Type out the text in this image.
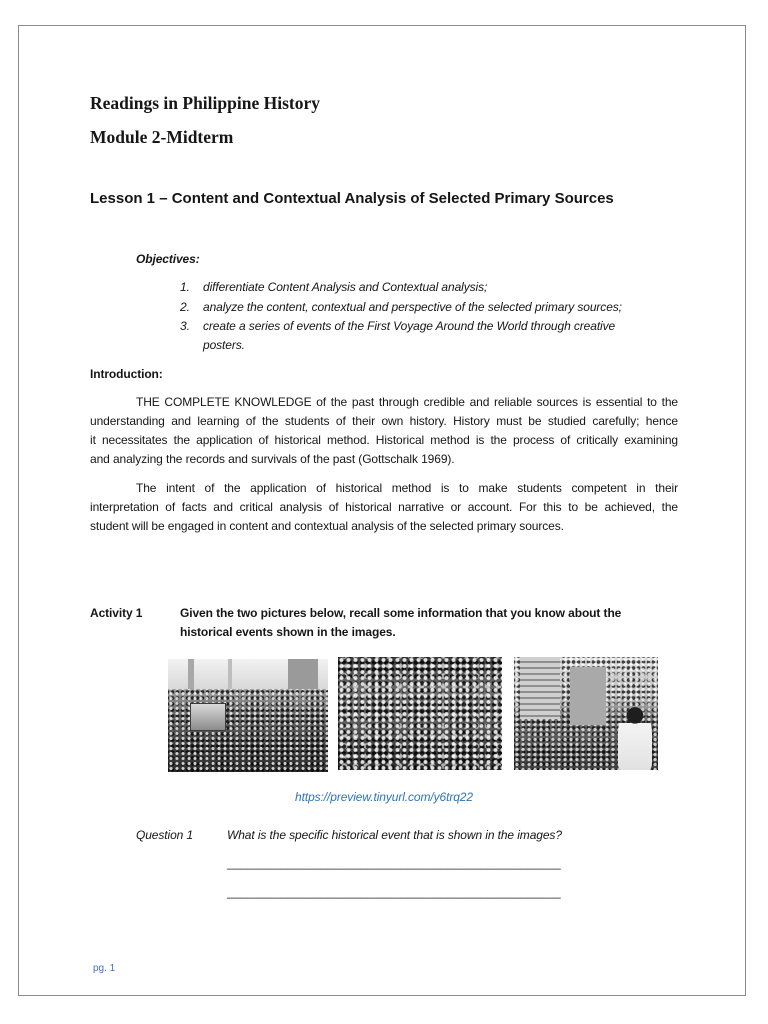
Readings in Philippine History
Module 2-Midterm
Lesson 1 – Content and Contextual Analysis of Selected Primary Sources
Objectives:
1. differentiate Content Analysis and Contextual analysis;
2. analyze the content, contextual and perspective of the selected primary sources;
3. create a series of events of the First Voyage Around the World through creative
posters.
Introduction:
THE COMPLETE KNOWLEDGE of the past through credible and reliable sources is essential to the
understanding and learning of the students of their own history. History must be studied carefully; hence
it necessitates the application of historical method. Historical method is the process of critically examining
and analyzing the records and survivals of the past (Gottschalk 1969).
The intent of the application of historical method is to make students competent in their
interpretation of facts and critical analysis of historical narrative or account. For this to be achieved, the
student will be engaged in content and contextual analysis of the selected primary sources.
Activity 1	Given the two pictures below, recall some information that you know about the
historical events shown in the images.
https://preview.tinyurl.com/y6trq22
Question 1	What is the specific historical event that is shown in the images?
__________________________________________________
__________________________________________________
pg. 1
